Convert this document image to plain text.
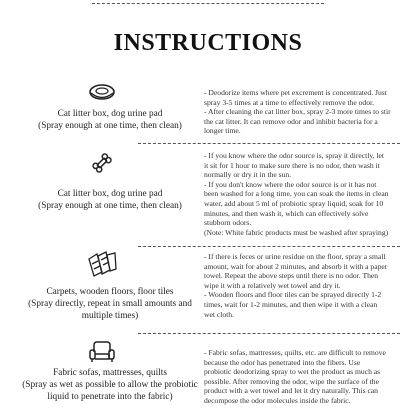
INSTRUCTIONS
Cat litter box, dog urine pad
(Spray enough at one time, then clean)
- Deodorize items where pet excrement is concentrated. Just
spray 3-5 times at a time to effectively remove the odor.
- After cleaning the cat litter box, spray 2-3 more times to stir
the cat litter. It can remove odor and inhibit bacteria for a
longer time.
Cat litter box, dog urine pad
(Spray enough at one time, then clean)
- If you know where the odor source is, spray it directly, let
it sit for 1 hour to make sure there is no odor, then wash it
normally or dry it in the sun.
- If you don't know where the odor source is or it has not
been washed for a long time, you can soak the items in clean
water, add about 5 ml of probiotic spray liquid, soak for 10
minutes, and then wash it, which can effectively solve
stubborn odors.
(Note: White fabric products must be washed after spraying)
Carpets, wooden floors, floor tiles
(Spray directly, repeat in small amounts and
multiple times)
- If there is feces or urine residue on the floor, spray a small
amount, wait for about 2 minutes, and absorb it with a paper
towel. Repeat the above steps until there is no odor. Then
wipe it with a relatively wet towel and dry it.
- Wooden floors and floor tiles can be sprayed directly 1-2
times, wait for 1-2 minutes, and then wipe it with a clean
wet cloth.
Fabric sofas, mattresses, quilts
(Spray as wet as possible to allow the probiotic
liquid to penetrate into the fabric)
- Fabric sofas, mattresses, quilts, etc. are difficult to remove
because the odor has penetrated into the fibers. Use
probiotic deodorizing spray to wet the product as much as
possible. After removing the odor, wipe the surface of the
product with a wet towel and let it dry naturally. This can
decompose the odor molecules inside the fabric.
